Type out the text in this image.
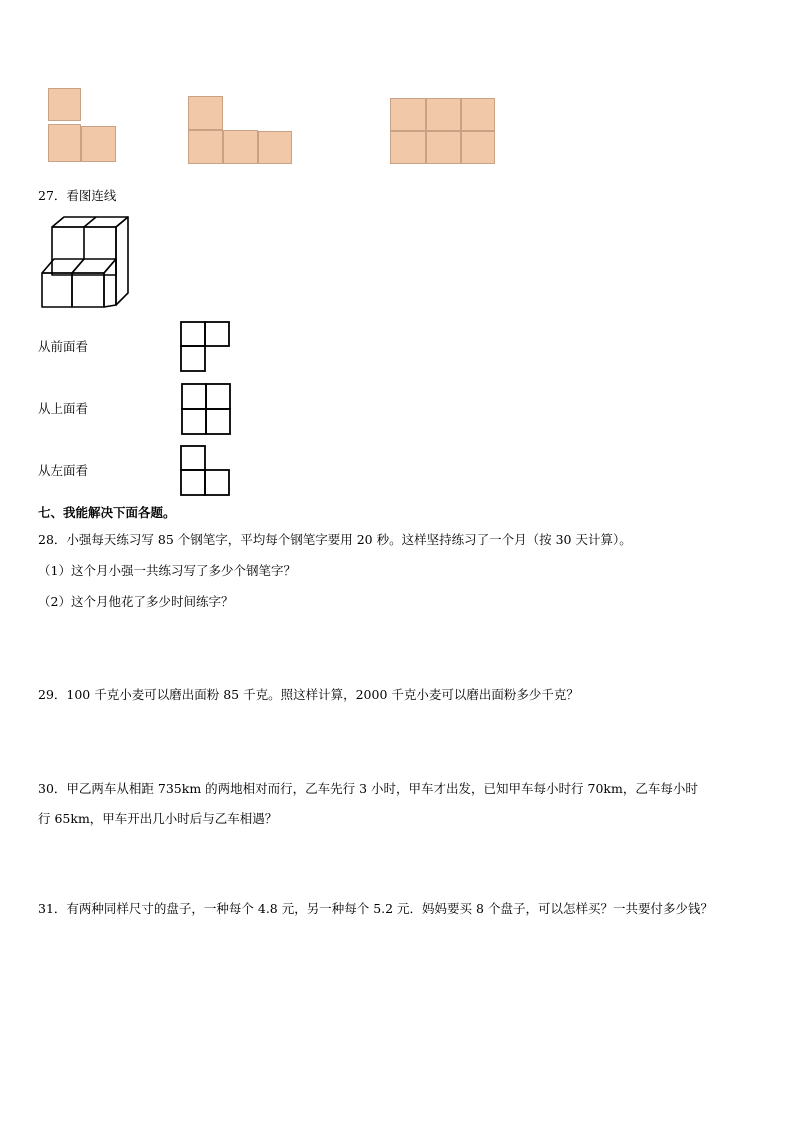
27．看图连线
从前面看
从上面看
从左面看
七、我能解决下面各题。
28．小强每天练习写 85 个钢笔字，平均每个钢笔字要用 20 秒。这样坚持练习了一个月（按 30 天计算）。
（1）这个月小强一共练习写了多少个钢笔字？
（2）这个月他花了多少时间练字？
29．100 千克小麦可以磨出面粉 85 千克。照这样计算，2000 千克小麦可以磨出面粉多少千克？
30．甲乙两车从相距 735km 的两地相对而行，乙车先行 3 小时，甲车才出发，已知甲车每小时行 70km，乙车每小时
行 65km，甲车开出几小时后与乙车相遇？
31．有两种同样尺寸的盘子，一种每个 4.8 元，另一种每个 5.2 元．妈妈要买 8 个盘子，可以怎样买？一共要付多少钱？
